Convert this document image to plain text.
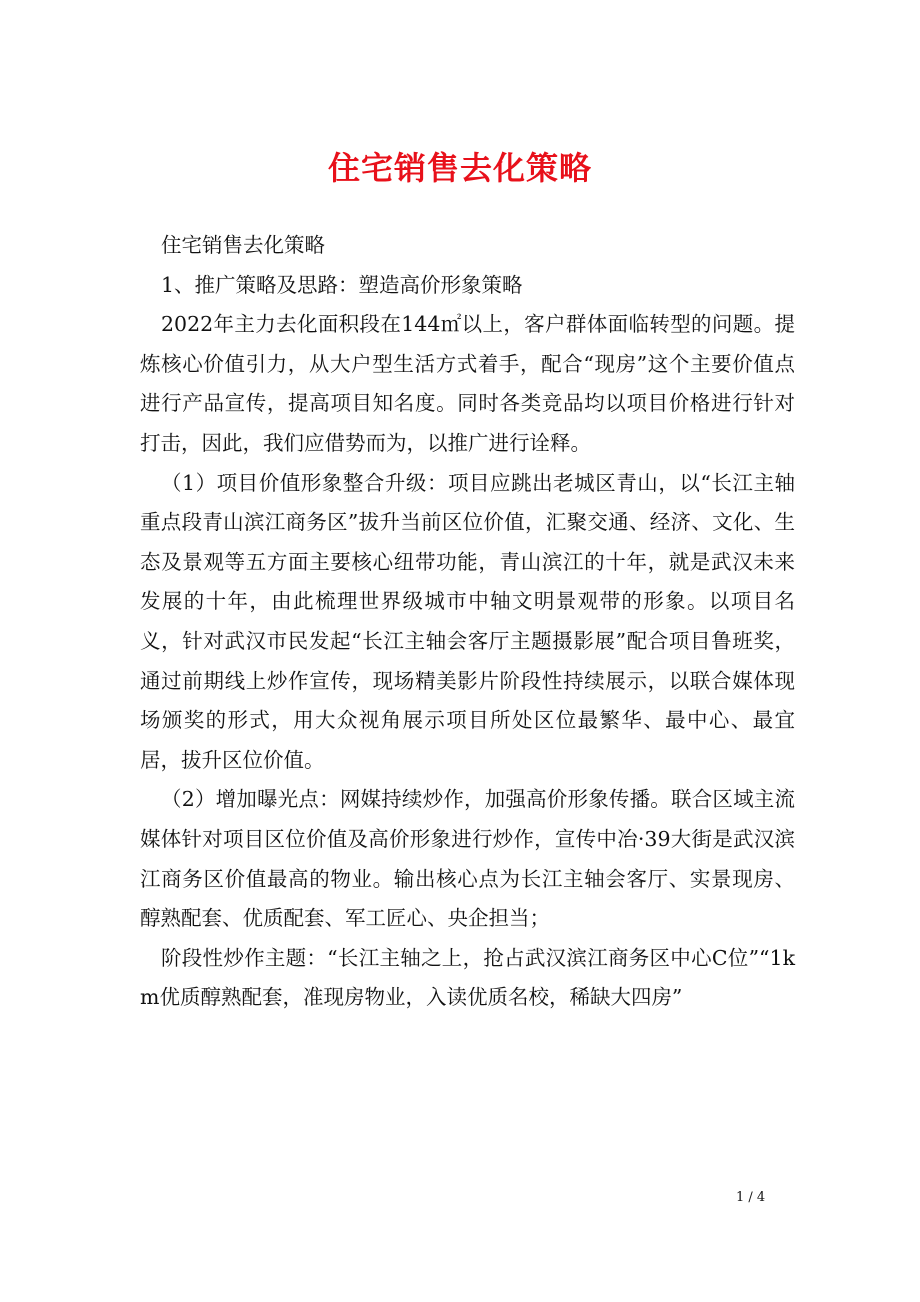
住宅销售去化策略

住宅销售去化策略

1、推广策略及思路：塑造高价形象策略

2022年主力去化面积段在144㎡以上，客户群体面临转型的问题。提炼核心价值引力，从大户型生活方式着手，配合“现房”这个主要价值点进行产品宣传，提高项目知名度。同时各类竞品均以项目价格进行针对打击，因此，我们应借势而为，以推广进行诠释。

（1）项目价值形象整合升级：项目应跳出老城区青山，以“长江主轴重点段青山滨江商务区”拔升当前区位价值，汇聚交通、经济、文化、生态及景观等五方面主要核心纽带功能，青山滨江的十年，就是武汉未来发展的十年，由此梳理世界级城市中轴文明景观带的形象。以项目名义，针对武汉市民发起“长江主轴会客厅主题摄影展”配合项目鲁班奖，通过前期线上炒作宣传，现场精美影片阶段性持续展示，以联合媒体现场颁奖的形式，用大众视角展示项目所处区位最繁华、最中心、最宜居，拔升区位价值。

（2）增加曝光点：网媒持续炒作，加强高价形象传播。联合区域主流媒体针对项目区位价值及高价形象进行炒作，宣传中冶·39大街是武汉滨江商务区价值最高的物业。输出核心点为长江主轴会客厅、实景现房、醇熟配套、优质配套、军工匠心、央企担当；

阶段性炒作主题：“长江主轴之上，抢占武汉滨江商务区中心C位”“1km优质醇熟配套，准现房物业，入读优质名校，稀缺大四房”

1 / 4
